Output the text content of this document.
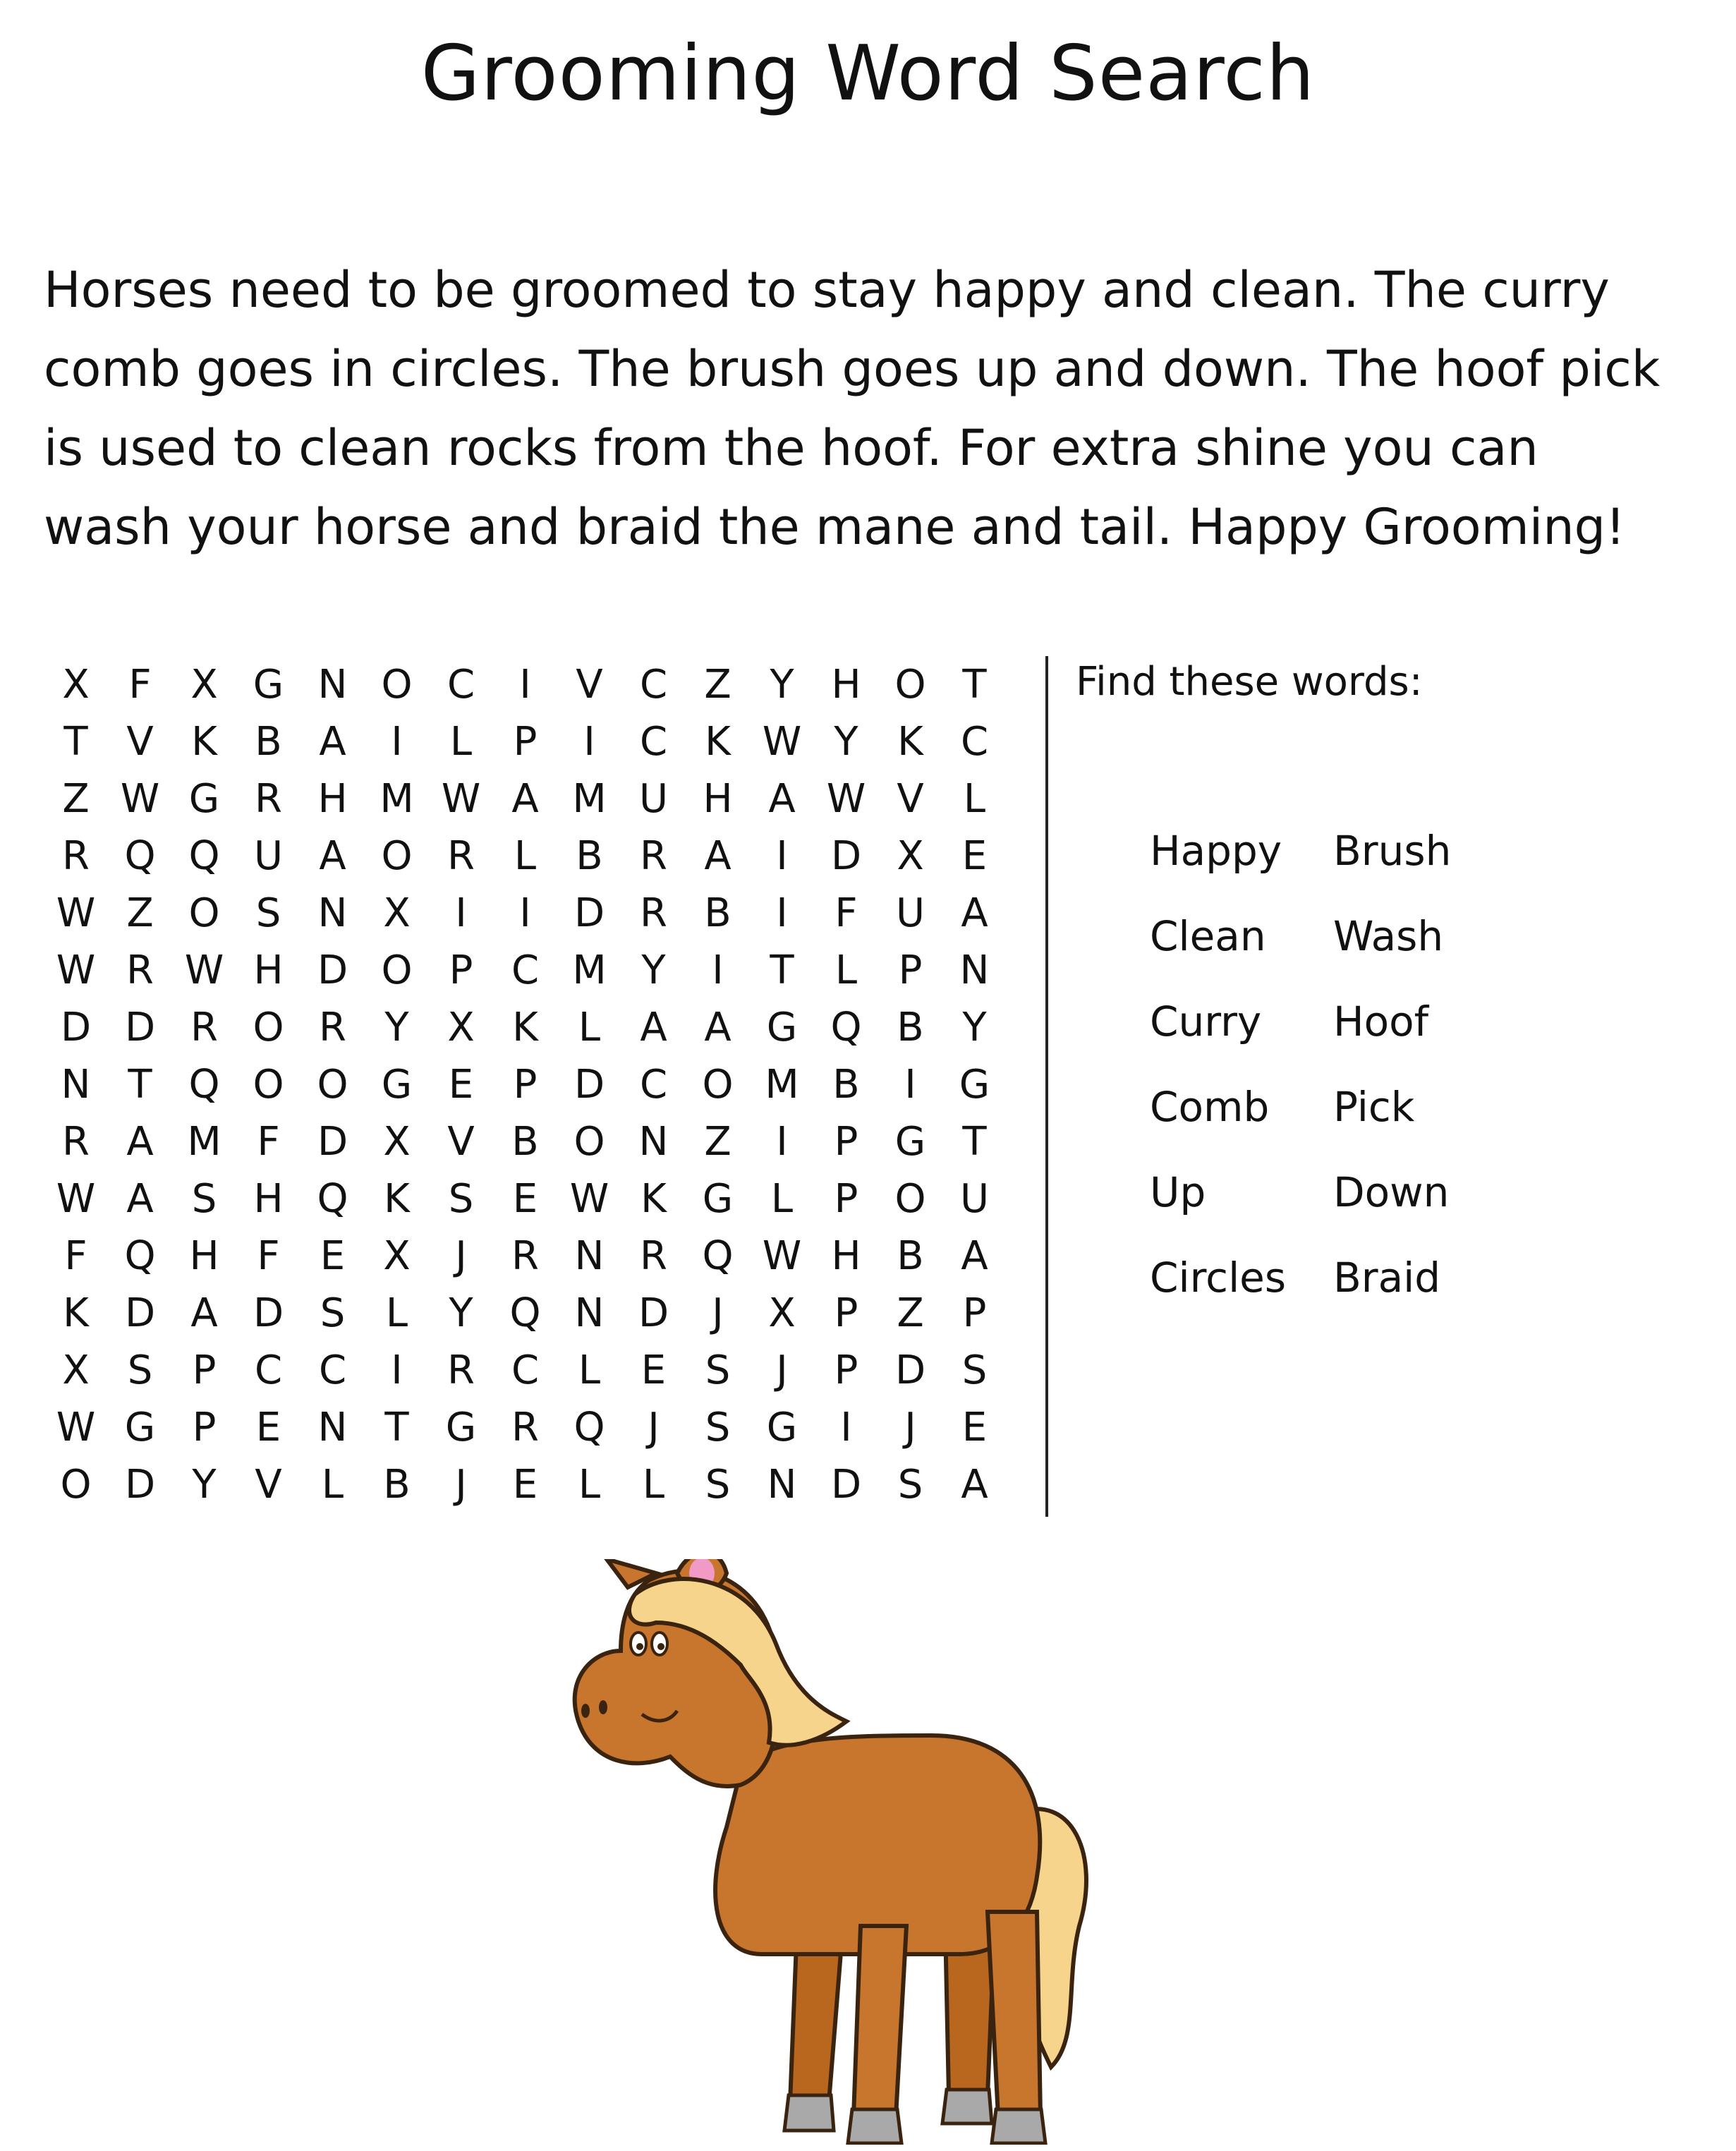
Grooming Word Search

Horses need to be groomed to stay happy and clean. The curry comb goes in circles. The brush goes up and down. The hoof pick is used to clean rocks from the hoof. For extra shine you can wash your horse and braid the mane and tail. Happy Grooming!

X F X G N O C	I	V C Z Y H O T
T V K B A	I	L	P	I	C K W Y K C
Z W G R H M W A M U H A W V	L
R Q Q U A O R L	B R A	I	D X E
W Z O S N X	I	I	D R B	I	F U A
W R W H D O P C M Y	I	T	L	P N
D D R O R Y X K	L	A A G Q B Y
N T Q O O G E	P D C O M B	I	G
R A M F D X V B O N Z	I	P G T
W A S H Q K S E W K G L	P O U
F Q H F	E X	J	R N R Q W H B A
K D A D S	L	Y Q N D	J	X P Z P
X S	P C C	I	R C L	E S	J	P D S
W G P	E N T G R Q	J	S G	I	J	E
O D Y V	L	B	J	E	L	L	S N D S A
Find these words:
Happy	Brush
Clean	Wash
Curry	Hoof
Comb	Pick
Up	Down
Circles	Braid
